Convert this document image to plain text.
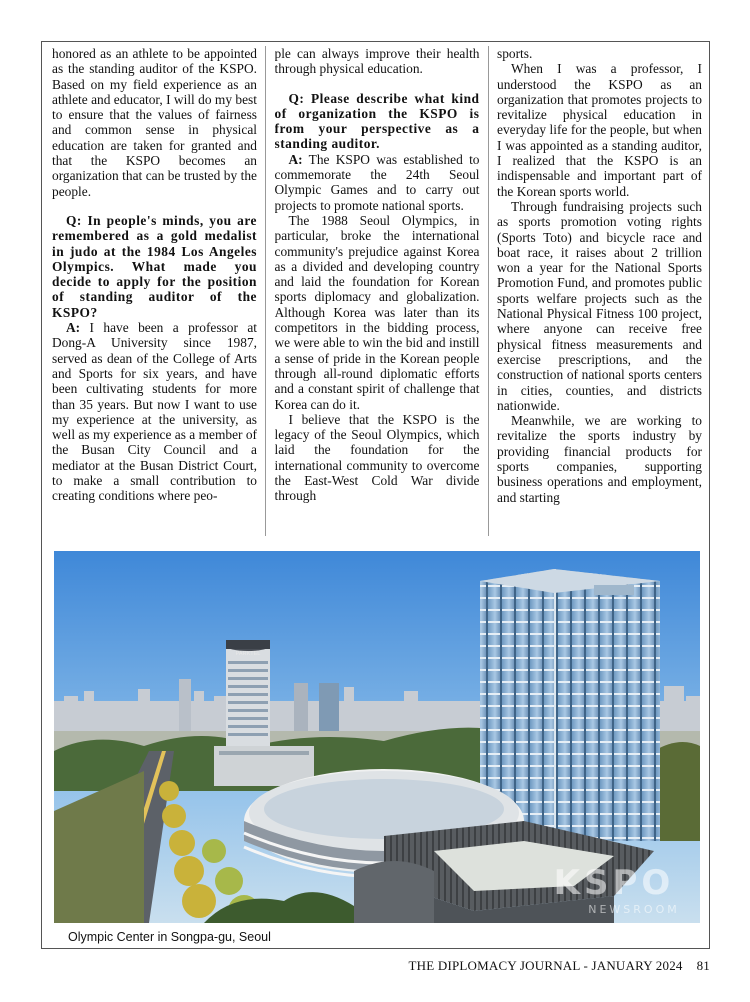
honored as an athlete to be appointed as the standing auditor of the KSPO. Based on my field experience as an athlete and educator, I will do my best to ensure that the values of fairness and common sense in physical education are taken for granted and that the KSPO becomes an organization that can be trusted by the people.

Q: In people's minds, you are remembered as a gold medalist in judo at the 1984 Los Angeles Olympics. What made you decide to apply for the position of standing auditor of the KSPO?

A: I have been a professor at Dong-A University since 1987, served as dean of the College of Arts and Sports for six years, and have been cultivating students for more than 35 years. But now I want to use my experience at the university, as well as my experience as a member of the Busan City Council and a mediator at the Busan District Court, to make a small contribution to creating conditions where peo-

ple can always improve their health through physical education.

Q: Please describe what kind of organization the KSPO is from your perspective as a standing auditor.

A: The KSPO was established to commemorate the 24th Seoul Olympic Games and to carry out projects to promote national sports.

The 1988 Seoul Olympics, in particular, broke the international community's prejudice against Korea as a divided and developing country and laid the foundation for Korean sports diplomacy and globalization. Although Korea was later than its competitors in the bidding process, we were able to win the bid and instill a sense of pride in the Korean people through all-round diplomatic efforts and a constant spirit of challenge that Korea can do it.

I believe that the KSPO is the legacy of the Seoul Olympics, which laid the foundation for the international community to overcome the East-West Cold War divide through

sports.

When I was a professor, I understood the KSPO as an organization that promotes projects to revitalize physical education in everyday life for the people, but when I was appointed as a standing auditor, I realized that the KSPO is an indispensable and important part of the Korean sports world.

Through fundraising projects such as sports promotion voting rights (Sports Toto) and bicycle race and boat race, it raises about 2 trillion won a year for the National Sports Promotion Fund, and promotes public sports welfare projects such as the National Physical Fitness 100 project, where anyone can receive free physical fitness measurements and exercise prescriptions, and the construction of national sports centers in cities, counties, and districts nationwide.

Meanwhile, we are working to revitalize the sports industry by providing financial products for sports companies, supporting business operations and employment, and starting

PARKTEL
KSPO
NEWSROOM
Olympic Center in Songpa-gu, Seoul
THE DIPLOMACY JOURNAL - JANUARY 2024 81
